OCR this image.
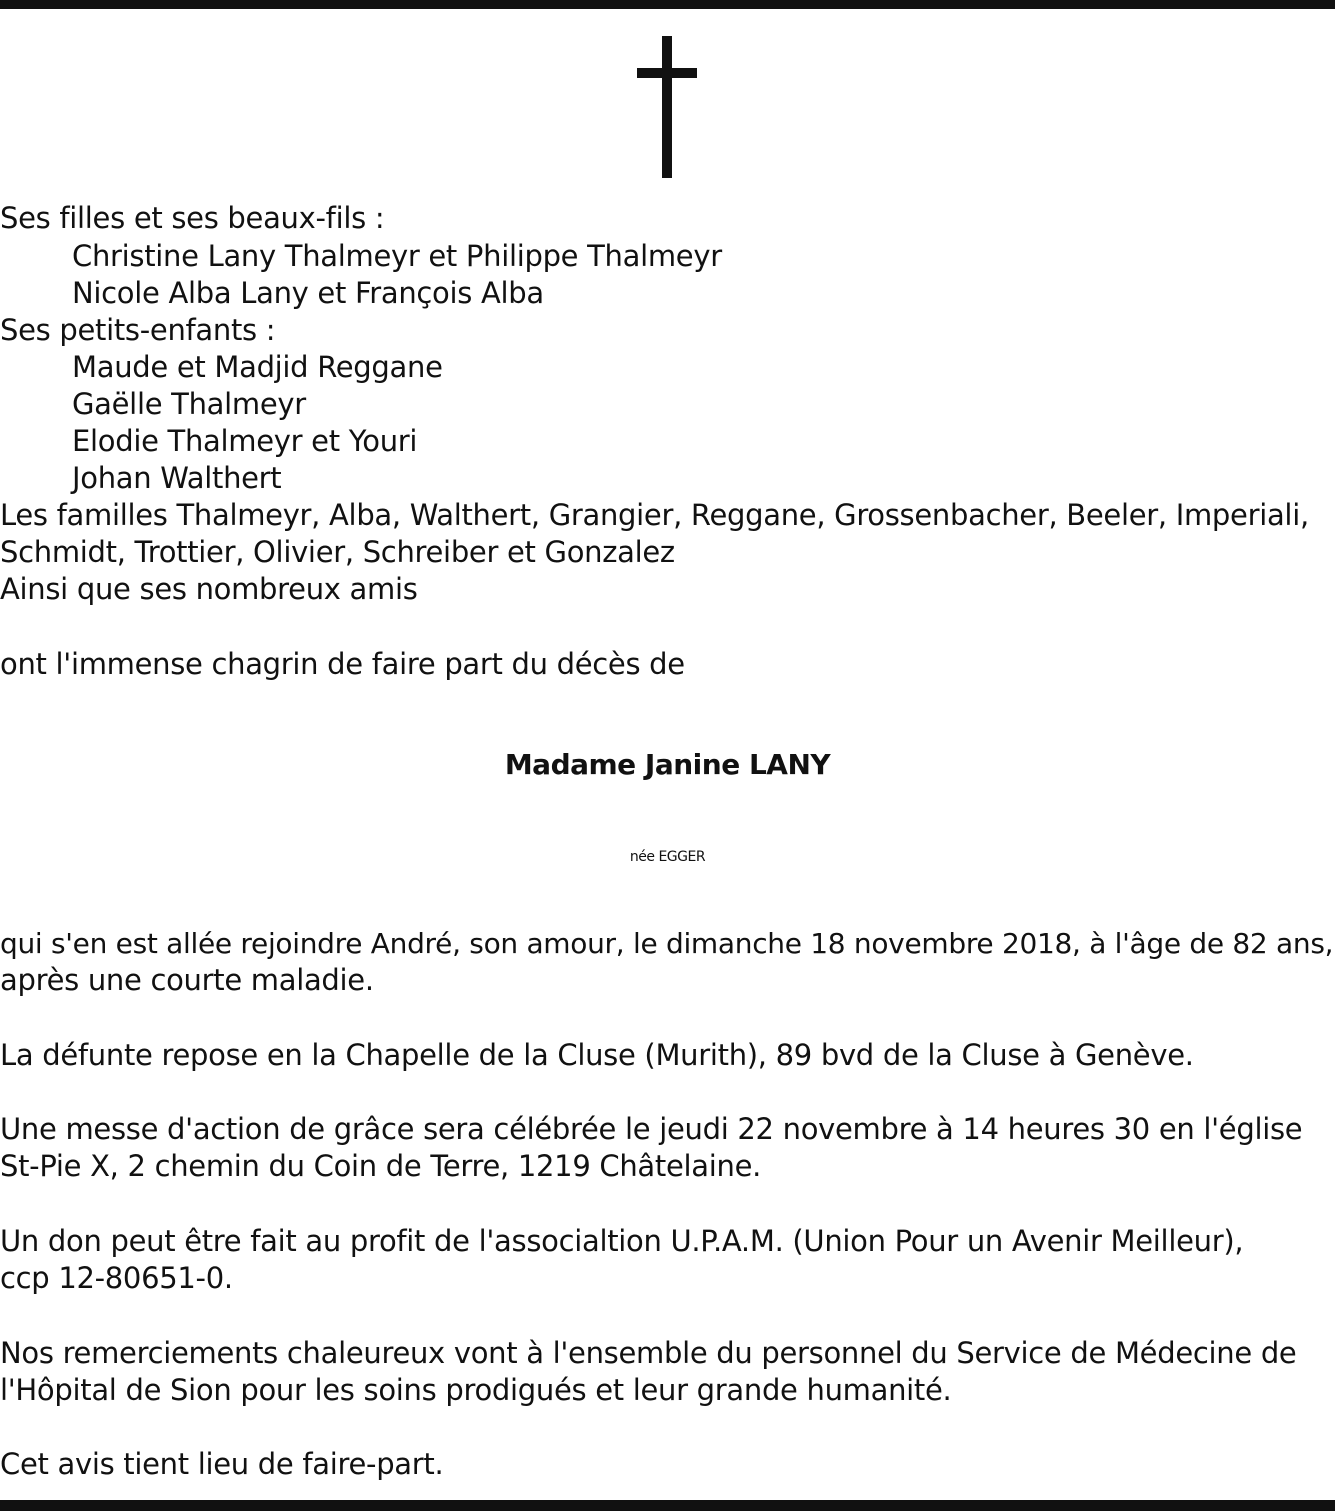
Ses filles et ses beaux-fils :
Christine Lany Thalmeyr et Philippe Thalmeyr
Nicole Alba Lany et François Alba
Ses petits-enfants :
Maude et Madjid Reggane
Gaëlle Thalmeyr
Elodie Thalmeyr et Youri
Johan Walthert
Les familles Thalmeyr, Alba, Walthert, Grangier, Reggane, Grossenbacher, Beeler, Imperiali,
Schmidt, Trottier, Olivier, Schreiber et Gonzalez
Ainsi que ses nombreux amis
ont l'immense chagrin de faire part du décès de
Madame Janine LANY
née EGGER
qui s'en est allée rejoindre André, son amour, le dimanche 18 novembre 2018, à l'âge de 82 ans,
après une courte maladie.
La défunte repose en la Chapelle de la Cluse (Murith), 89 bvd de la Cluse à Genève.
Une messe d'action de grâce sera célébrée le jeudi 22 novembre à 14 heures 30 en l'église
St-Pie X, 2 chemin du Coin de Terre, 1219 Châtelaine.
Un don peut être fait au profit de l'associaltion U.P.A.M. (Union Pour un Avenir Meilleur),
ccp 12-80651-0.
Nos remerciements chaleureux vont à l'ensemble du personnel du Service de Médecine de
l'Hôpital de Sion pour les soins prodigués et leur grande humanité.
Cet avis tient lieu de faire-part.
